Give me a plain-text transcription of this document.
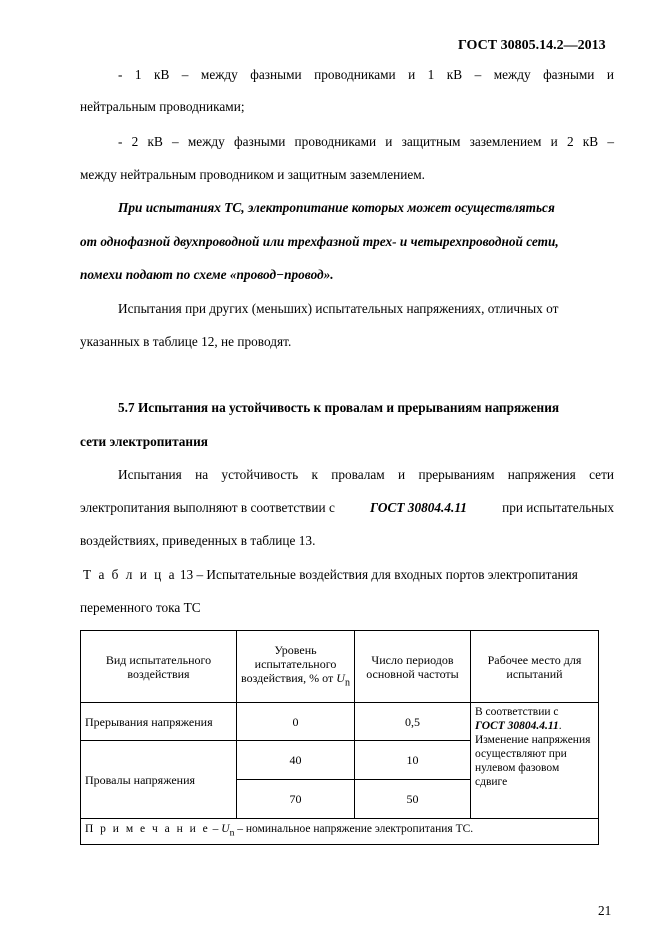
ГОСТ 30805.14.2—2013
- 1 кВ – между фазными проводниками и 1 кВ – между фазными и
нейтральным проводниками;
- 2 кВ – между фазными проводниками и защитным заземлением и 2 кВ –
между нейтральным проводником и защитным заземлением.
При испытаниях ТС, электропитание которых может осуществляться
от однофазной двухпроводной или трехфазной трех- и четырехпроводной сети,
помехи подают по схеме «провод−провод».
Испытания при других (меньших) испытательных напряжениях, отличных от
указанных в таблице 12, не проводят.
5.7 Испытания на устойчивость к провалам и прерываниям напряжения
сети электропитания
Испытания на устойчивость к провалам и прерываниям напряжения сети
электропитания выполняют в соответствии с	ГОСТ 30804.4.11	при испытательных
воздействиях, приведенных в таблице 13.
Т а б л и ц а 13 – Испытательные воздействия для входных портов электропитания
переменного тока ТС
Вид испытательного воздействия	Уровень испытательного воздействия, % от $U_n$	Число периодов основной частоты	Рабочее место для испытаний
Прерывания напряжения	0	0,5	В соответствии с
ГОСТ 30804.4.11.
Изменение напряжения осуществляют при нулевом фазовом сдвиге
Провалы напряжения	40	10	
	70	50	
П р и м е ч а н и е – $U_n$ – номинальное напряжение электропитания ТС.			
21
